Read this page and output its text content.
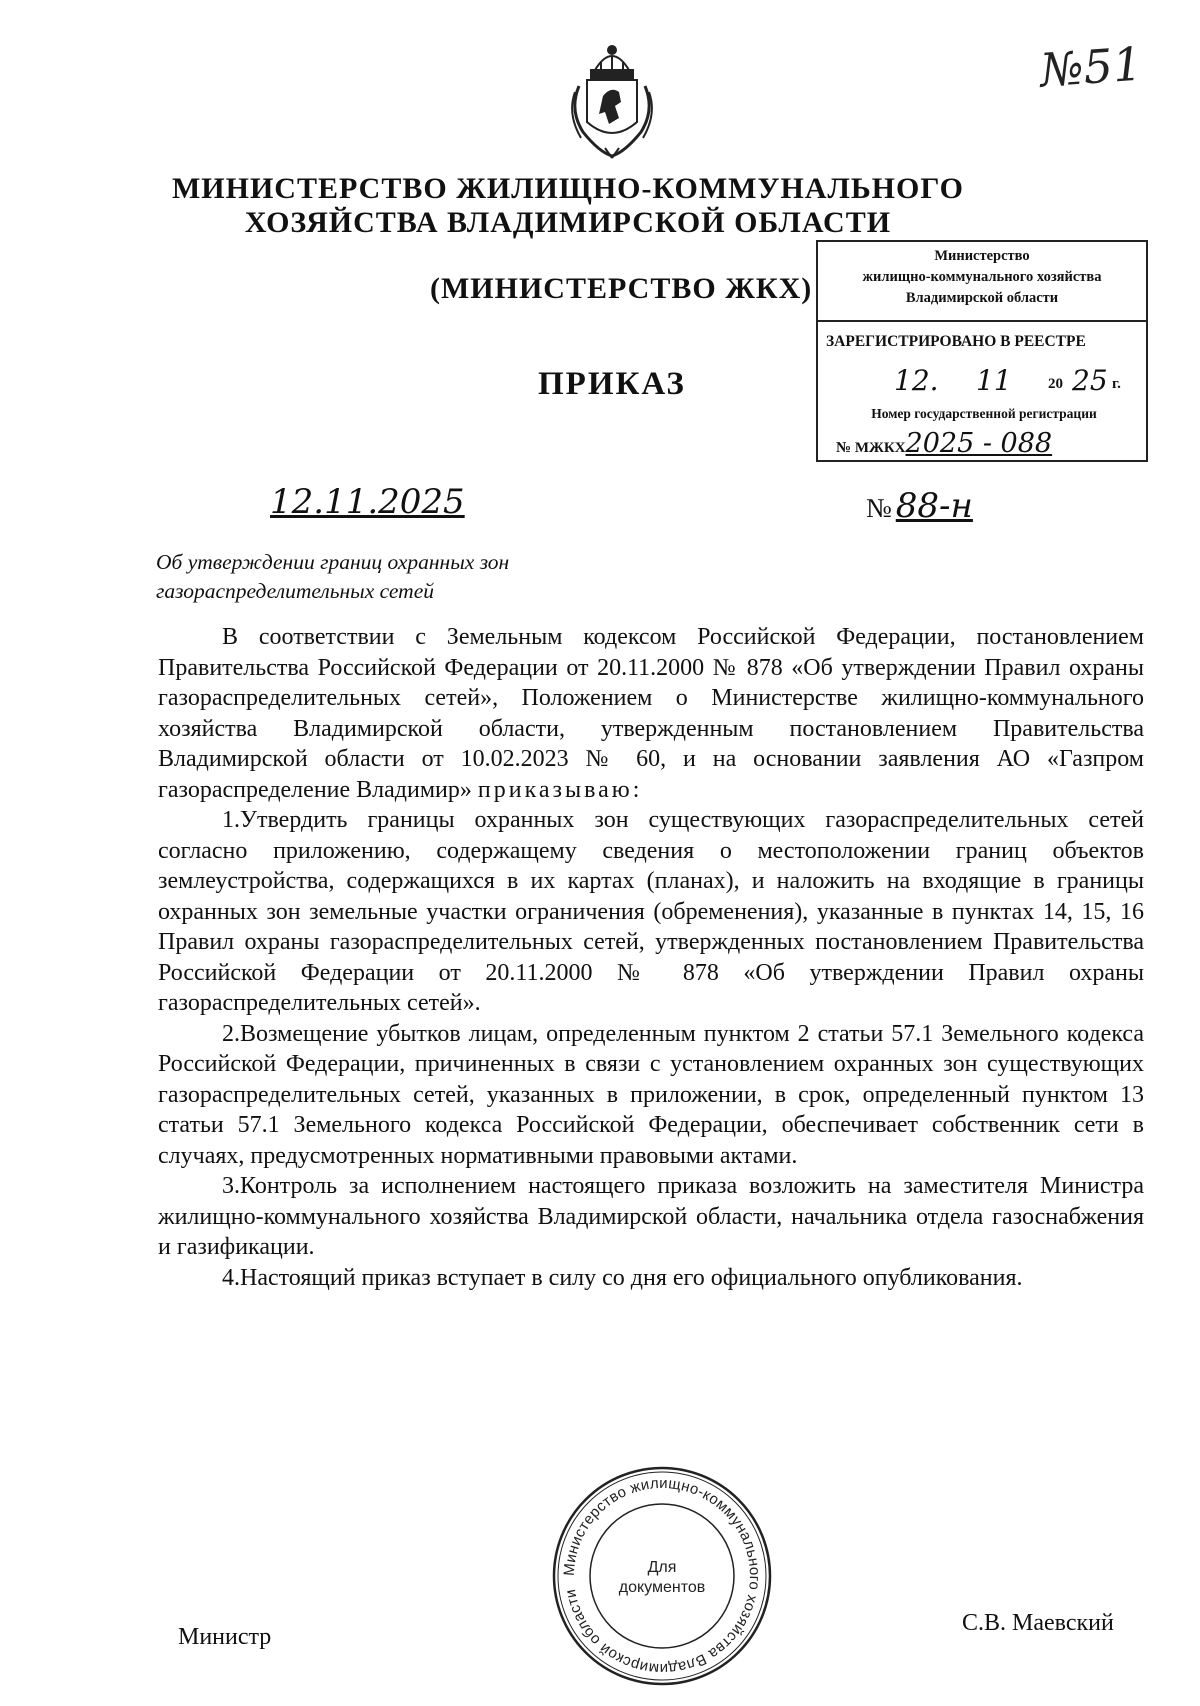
№51
МИНИСТЕРСТВО ЖИЛИЩНО-КОММУНАЛЬНОГО
ХОЗЯЙСТВА ВЛАДИМИРСКОЙ ОБЛАСТИ
(МИНИСТЕРСТВО ЖКХ)
ПРИКАЗ
Министерство
жилищно-коммунального хозяйства
Владимирской области
ЗАРЕГИСТРИРОВАНО В РЕЕСТРЕ
12. 11 20 25 г.
Номер государственной регистрации
№ МЖКХ2025 - 088
12.11.2025	№ 88-н
Об утверждении границ охранных зон
газораспределительных сетей

В соответствии с Земельным кодексом Российской Федерации, постановлением Правительства Российской Федерации от 20.11.2000 № 878 «Об утверждении Правил охраны газораспределительных сетей», Положением о Министерстве жилищно-коммунального хозяйства Владимирской области, утвержденным постановлением Правительства Владимирской области от 10.02.2023 № 60, и на основании заявления АО «Газпром газораспределение Владимир» приказываю:

1.Утвердить границы охранных зон существующих газораспределительных сетей согласно приложению, содержащему сведения о местоположении границ объектов землеустройства, содержащихся в их картах (планах), и наложить на входящие в границы охранных зон земельные участки ограничения (обременения), указанные в пунктах 14, 15, 16 Правил охраны газораспределительных сетей, утвержденных постановлением Правительства Российской Федерации от 20.11.2000 № 878 «Об утверждении Правил охраны газораспределительных сетей».

2.Возмещение убытков лицам, определенным пунктом 2 статьи 57.1 Земельного кодекса Российской Федерации, причиненных в связи с установлением охранных зон существующих газораспределительных сетей, указанных в приложении, в срок, определенный пунктом 13 статьи 57.1 Земельного кодекса Российской Федерации, обеспечивает собственник сети в случаях, предусмотренных нормативными правовыми актами.

3.Контроль за исполнением настоящего приказа возложить на заместителя Министра жилищно-коммунального хозяйства Владимирской области, начальника отдела газоснабжения и газификации.

4.Настоящий приказ вступает в силу со дня его официального опубликования.

Министерство жилищно-коммунального хозяйства Владимирской области
Для
документов
Министр
С.В. Маевский
